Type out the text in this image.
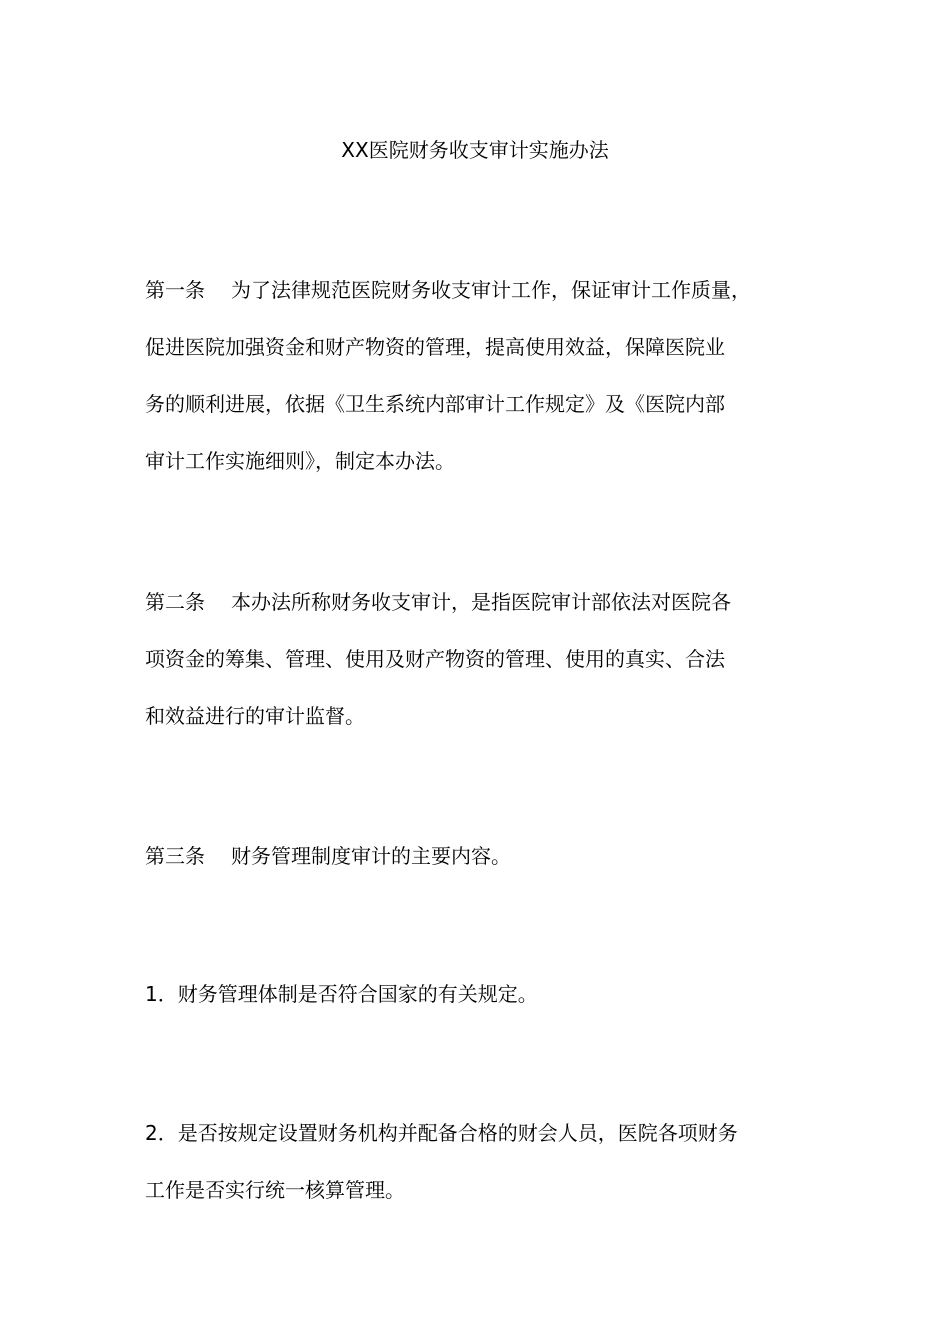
XX医院财务收支审计实施办法
第一条 为了法律规范医院财务收支审计工作，保证审计工作质量，
促进医院加强资金和财产物资的管理，提高使用效益，保障医院业
务的顺利进展，依据《卫生系统内部审计工作规定》及《医院内部
审计工作实施细则》，制定本办法。
第二条 本办法所称财务收支审计，是指医院审计部依法对医院各
项资金的筹集、管理、使用及财产物资的管理、使用的真实、合法
和效益进行的审计监督。
第三条 财务管理制度审计的主要内容。
1．财务管理体制是否符合国家的有关规定。
2．是否按规定设置财务机构并配备合格的财会人员，医院各项财务
工作是否实行统一核算管理。
